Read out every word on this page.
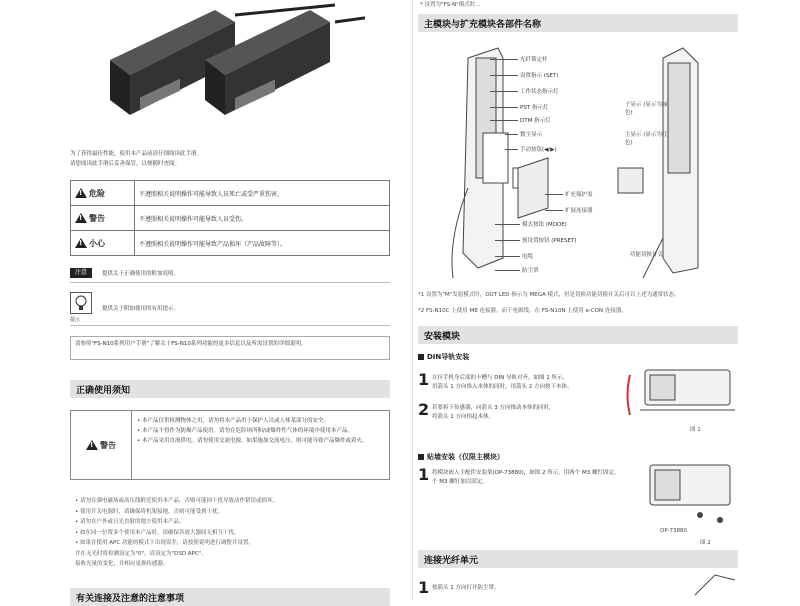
为了获得最佳性能，使用本产品前请仔细阅读此手册。
请您阅读此手册后妥善保管，以便随时查阅。
!危险	不遵照相关说明操作可能导致人员死亡或受严重伤害。
!警告	不遵照相关说明操作可能导致人员受伤。
!小心	不遵照相关说明操作可能导致产品损坏（产品故障等）。
注意	提供关于正确使用的附加说明。
提示
提供关于附加使用的有用提示。
请参照"FS-N10系列用户手册"了解关于FS-N10系列功能的更多信息以及所需设置的详细说明。
正确使用须知
!
警告
• 本产品仅供检测物体之用。请勿将本产品用于保护人员或人体某部分的安全。
• 本产品不得作为防爆产品使用。请勿在危险场所和/或爆炸性气体的环境中使用本产品。
• 本产品采用直流供电。请勿使用交流电源。如果施加交流电压，则可能导致产品爆炸或着火。
• 请勿在强电磁场或高压线附近使用本产品，否则可能因干扰导致动作错误或损坏。
• 使用开关电源时，请确保将机架接地，否则可能受到干扰。
• 请勿在户外或日光直射的地方使用本产品。
• 如在同一位置多个使用本产品时，请确保各放大器间无相互干扰。
• 如果在使用 APC 功能的模式下出现误差，请按照说明进行调整并设置。
并在无光时将检测设定为"0"，请设定为"DSD APC"。
接收光量的变化，并相应更换传感器。
有关连接及注意的注意事项
* 设置为"FS-N"模式时...
主模块与扩充模块各部件名称
光纤锁定杆
设置指示 (SET)
工作状态指示灯
PST 指示灯
DTM 指示灯
数字显示
手动按钮(◀/▶)
扩充保护盖
扩展连接器
模式按钮 (MODE)
预设置按钮 (PRESET)
电缆
防尘罩
子显示 (显示为绿色)
主显示 (显示为红色)
功能切换开关
*1 设置为"M"发射模式时，OUT LED 指示为 MEGA 模式，但是切换功能切换开关后可以上述为通常状态。
*2 FS-N10C 上使用 M8 连接器，而于电源线。在 FS-N10N 上使用 e-CON 连接器。
安装模块
DIN导轨安装
1 在拉手机身后部的卡槽与 DIN 导轨对齐，如图 1 所示。
用箭头 1 方向推入本体的同时，用箭头 2 方向按下本体。
2 若要拆下传感器，向箭头 3 方向推动本体的同时，
将箭头 1 方向抬起本体。
图 1
贴墙安装（仅限主模块）
1 将模块嵌入主配件安装架(OP-73880)，如图 2 所示，用两个 M3 螺钉固定。
个 M3 螺钉加以固定。
OP-73880
图 2
连接光纤单元
1 按箭头 1 方向打开防尘罩。
